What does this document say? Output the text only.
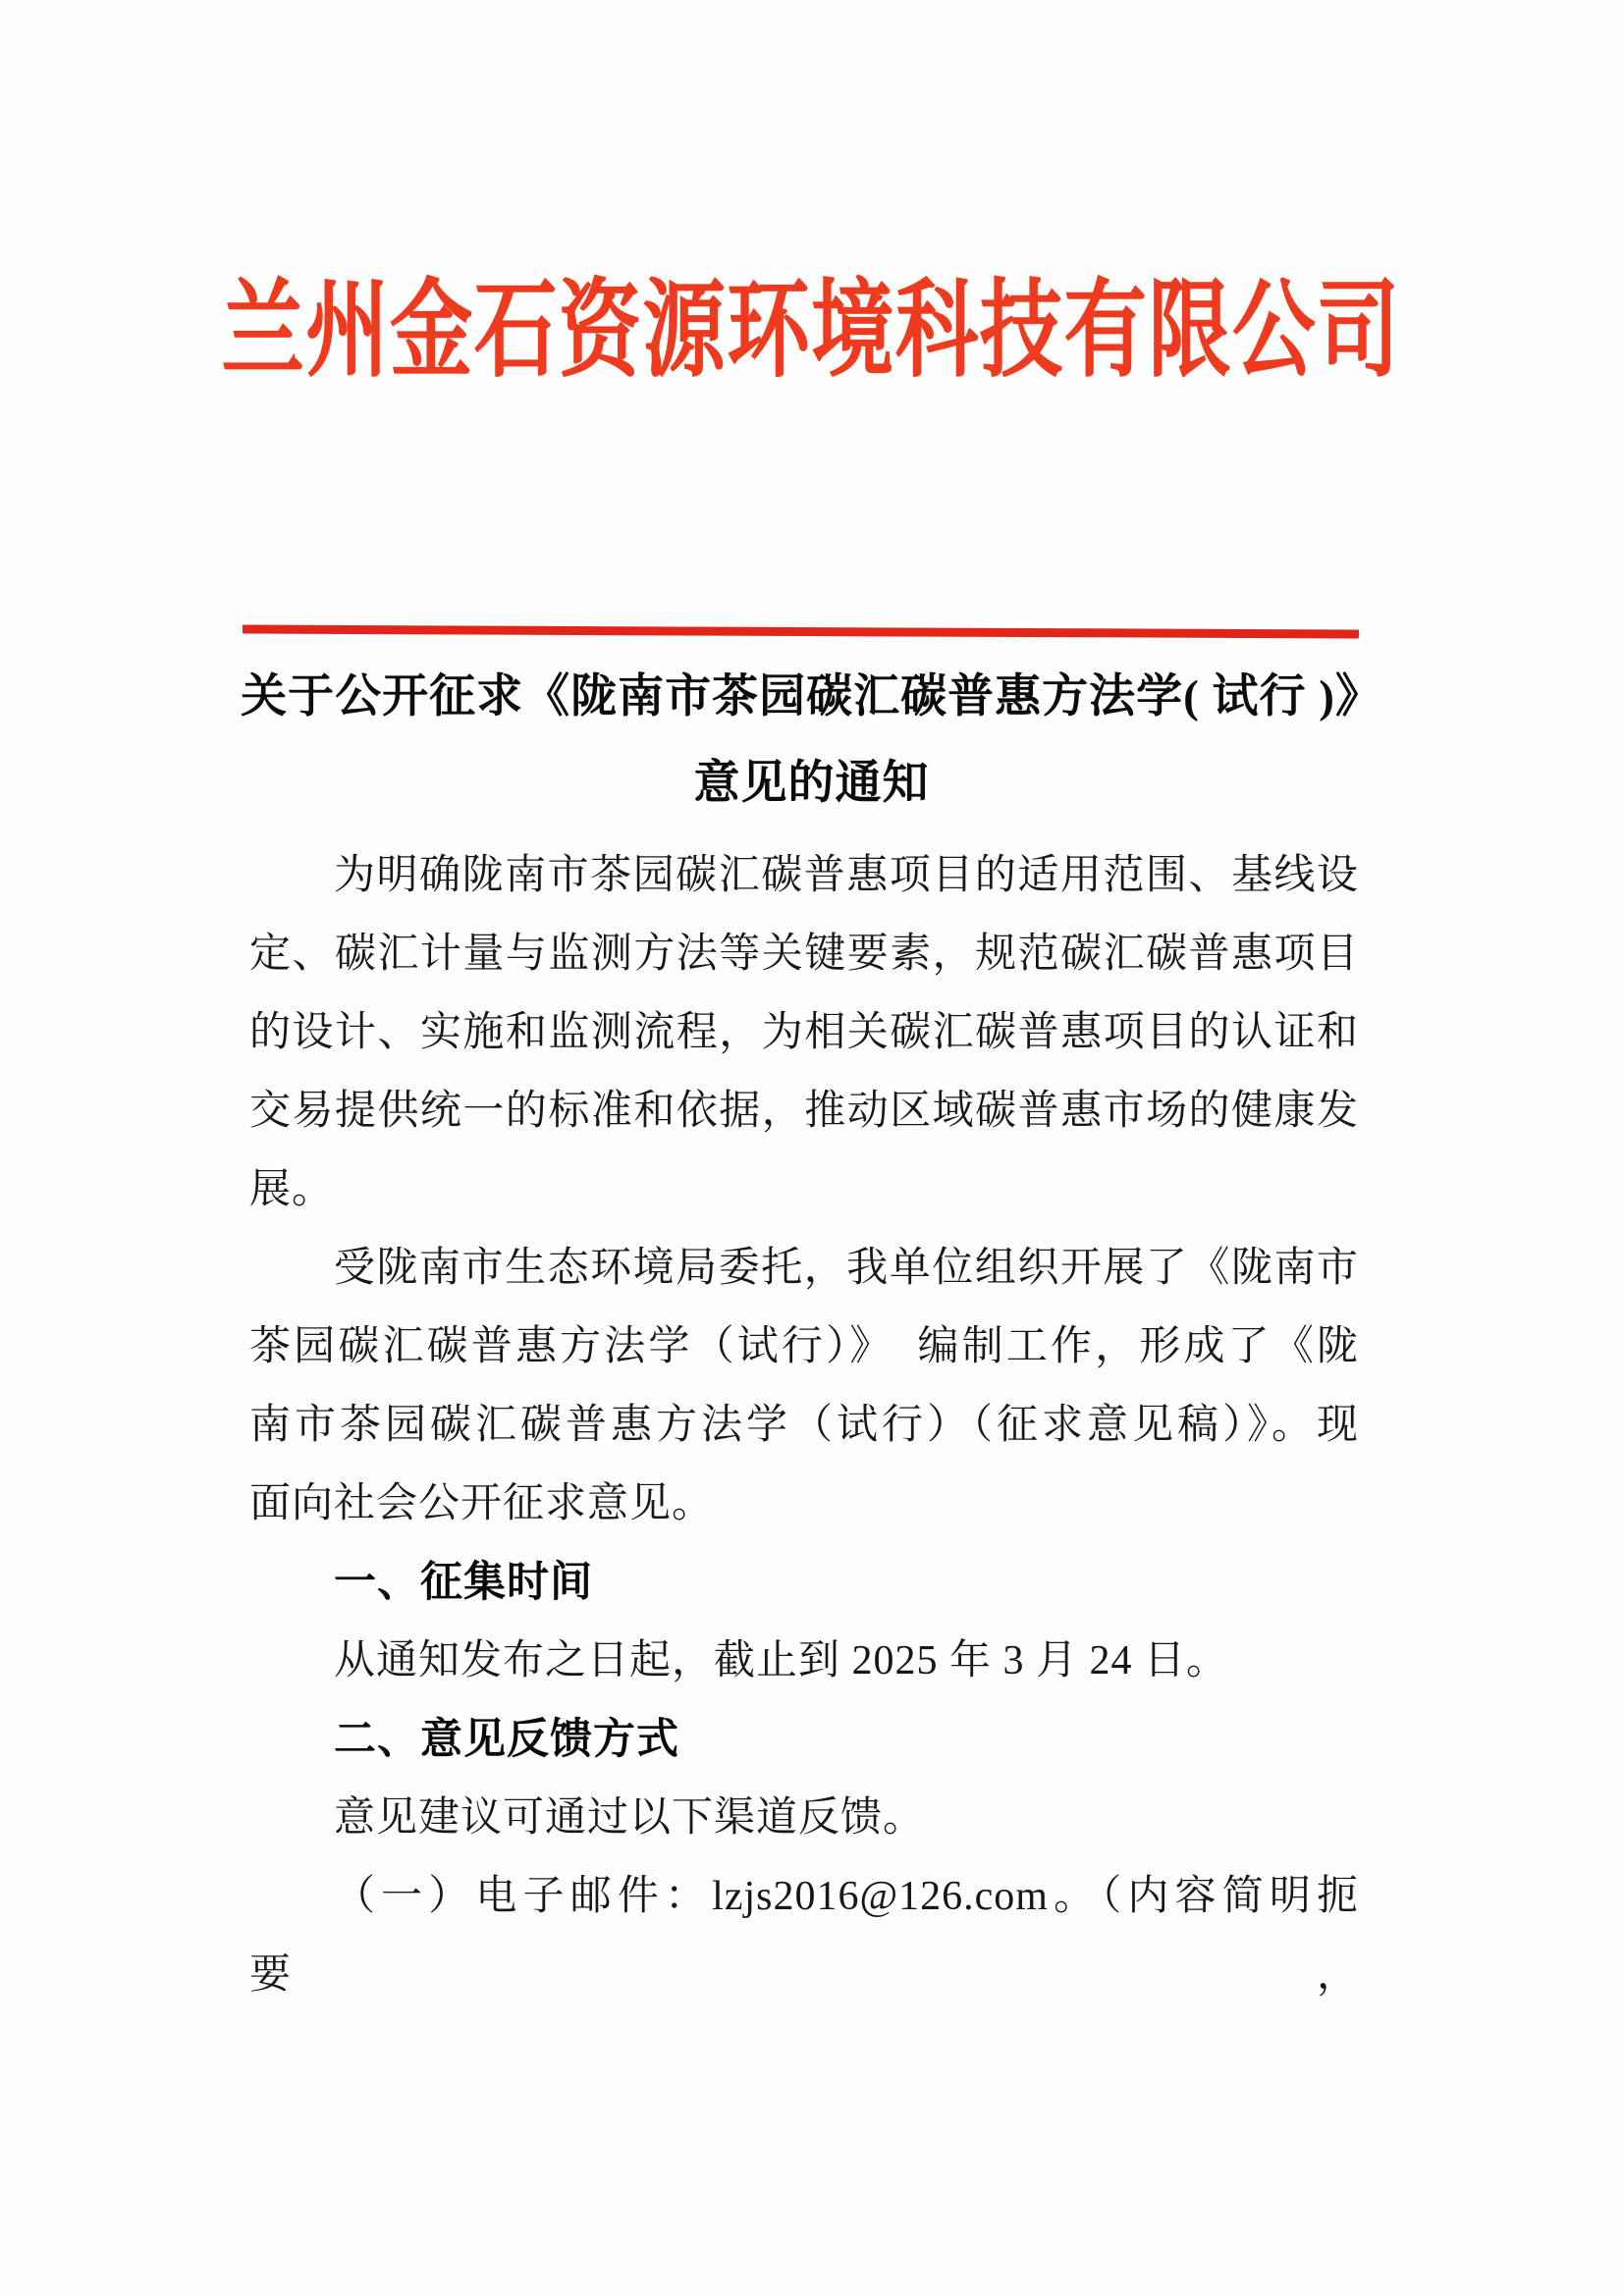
兰州金石资源环境科技有限公司
关于公开征求《陇南市茶园碳汇碳普惠方法学( 试行 )》
意见的通知
为明确陇南市茶园碳汇碳普惠项目的适用范围、基线设
定、碳汇计量与监测方法等关键要素，规范碳汇碳普惠项目
的设计、实施和监测流程，为相关碳汇碳普惠项目的认证和
交易提供统一的标准和依据，推动区域碳普惠市场的健康发
展。
受陇南市生态环境局委托，我单位组织开展了《陇南市
茶园碳汇碳普惠方法学（试行）》　编制工作，形成了《陇
南市茶园碳汇碳普惠方法学（试行）（征求意见稿）》。现
面向社会公开征求意见。
一、征集时间
从通知发布之日起，截止到 2025 年 3 月 24 日。
二、意见反馈方式
意见建议可通过以下渠道反馈。
（一）电子邮件：lzjs2016@126.com。（内容简明扼要，
